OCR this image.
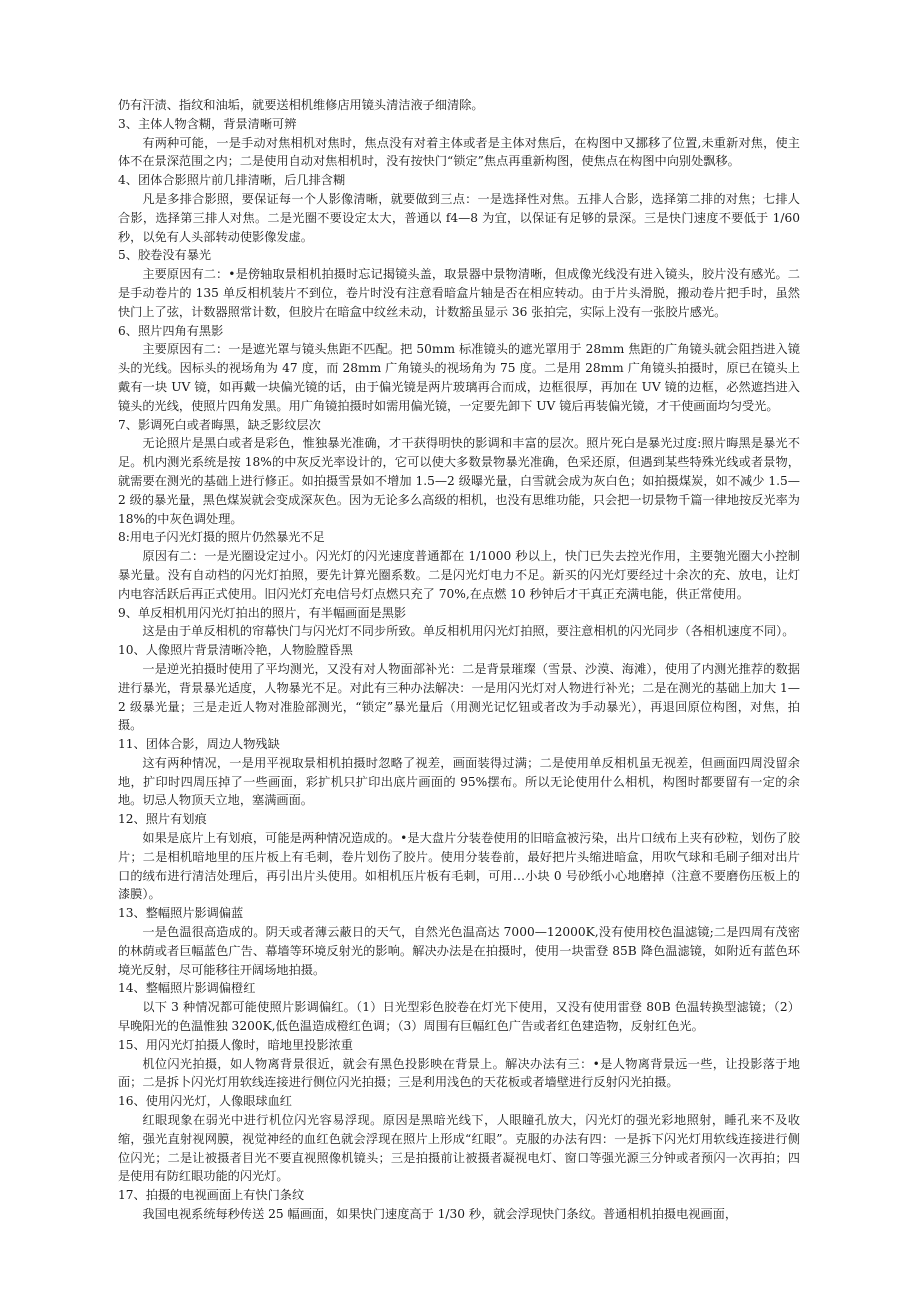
仍有汗渍、指纹和油垢，就要送相机维修店用镜头清洁液子细清除。

3、主体人物含糊，背景清晰可辨

有两种可能，一是手动对焦相机对焦时，焦点没有对着主体或者是主体对焦后，在构图中又挪移了位置,未重新对焦，使主体不在景深范围之内；二是使用自动对焦相机时，没有按快门“锁定”焦点再重新构图，使焦点在构图中向别处飘移。

4、团体合影照片前几排清晰，后几排含糊

凡是多排合影照，要保证每一个人影像清晰，就要做到三点：一是选择性对焦。五排人合影，选择第二排的对焦；七排人合影，选择第三排人对焦。二是光圈不要设定太大，普通以 f4—8 为宜，以保证有足够的景深。三是快门速度不要低于 1/60 秒，以免有人头部转动使影像发虚。

5、胶卷没有暴光

主要原因有二：•是傍轴取景相机拍摄时忘记揭镜头盖，取景器中景物清晰，但成像光线没有进入镜头，胶片没有感光。二是手动卷片的 135 单反相机装片不到位，卷片时没有注意看暗盒片轴是否在相应转动。由于片头滑脱，搬动卷片把手时，虽然快门上了弦，计数器照常计数，但胶片在暗盒中纹丝未动，计数豁虽显示 36 张拍完，实际上没有一张胶片感光。

6、照片四角有黑影

主要原因有二：一是遮光罩与镜头焦距不匹配。把 50mm 标准镜头的遮光罩用于 28mm 焦距的广角镜头就会阻挡进入镜头的光线。因标头的视场角为 47 度，而 28mm 广角镜头的视场角为 75 度。二是用 28mm 广角镜头拍摄时，原已在镜头上戴有一块 UV 镜，如再戴一块偏光镜的话，由于偏光镜是两片玻璃再合而成，边框很厚，再加在 UV 镜的边框，必然遮挡进入镜头的光线，使照片四角发黑。用广角镜拍摄时如需用偏光镜，一定要先卸下 UV 镜后再装偏光镜，才干使画面均匀受光。

7、影调死白或者晦黑，缺乏影纹层次

无论照片是黑白或者是彩色，惟独暴光准确，才干获得明快的影调和丰富的层次。照片死白是暴光过度:照片晦黑是暴光不足。机内测光系统是按 18%的中灰反光率设计的，它可以使大多数景物暴光准确，色采还原，但遇到某些特殊光线或者景物，就需要在测光的基础上进行修正。如拍摄雪景如不增加 1.5—2 级曝光量，白雪就会成为灰白色；如拍摄煤炭，如不减少 1.5—2 级的暴光量，黑色煤炭就会变成深灰色。因为无论多么高级的相机，也没有思维功能，只会把一切景物千篇一律地按反光率为 18%的中灰色调处理。

8:用电子闪光灯摄的照片仍然暴光不足

原因有二：一是光圈设定过小。闪光灯的闪光速度普通都在 1/1000 秒以上，快门已失去控光作用，主要匏光圈大小控制暴光量。没有自动档的闪光灯拍照，要先计算光圈系数。二是闪光灯电力不足。新买的闪光灯要经过十余次的充、放电，让灯内电容活跃后再正式使用。旧闪光灯充电信号灯点燃只充了 70%,在点燃 10 秒钟后才干真正充满电能，供正常使用。

9、单反相机用闪光灯拍出的照片，有半幅画面是黑影

这是由于单反相机的帘幕快门与闪光灯不同步所致。单反相机用闪光灯拍照，要注意相机的闪光同步（各相机速度不同）。

10、人像照片背景清晰冷艳，人物脸膛昏黑

一是逆光拍摄时使用了平均测光，又没有对人物面部补光：二是背景璀璨（雪景、沙漠、海滩），使用了内测光推荐的数据进行暴光，背景暴光适度，人物暴光不足。对此有三种办法解决：一是用闪光灯对人物进行补光；二是在测光的基础上加大 1—2 级暴光量；三是走近人物对准脸部测光，“锁定”暴光量后（用测光记忆钮或者改为手动暴光），再退回原位构图，对焦，拍摄。

11、团体合影，周边人物残缺

这有两种情况，一是用平视取景相机拍摄时忽略了视差，画面装得过满；二是使用单反相机虽无视差，但画面四周没留余地，扩印时四周压掉了一些画面，彩扩机只扩印出底片画面的 95%摆布。所以无论使用什么相机，构图时都要留有一定的余地。切忌人物顶天立地，塞满画面。

12、照片有划痕

如果是底片上有划痕，可能是两种情况造成的。•是大盘片分装卷使用的旧暗盒被污染，出片口绒布上夹有砂粒，划伤了胶片；二是相机暗地里的压片板上有毛刺，卷片划伤了胶片。使用分装卷前，最好把片头缩进暗盒，用吹气球和毛刷子细对出片口的绒布进行清洁处理后，再引出片头使用。如相机压片板有毛刺，可用…小块 0 号砂纸小心地磨掉（注意不要磨伤压板上的漆膜）。

13、整幅照片影调偏蓝

一是色温很高造成的。阴天或者薄云蔽日的天气，自然光色温高达 7000—12000K,没有使用校色温滤镜;二是四周有茂密的林荫或者巨幅蓝色广告、幕墙等环境反射光的影响。解决办法是在拍摄时，使用一块雷登 85B 降色温滤镜，如附近有蓝色环境光反射，尽可能移往开阔场地拍摄。

14、整幅照片影调偏橙红

以下 3 种情况都可能使照片影调偏红。（1）日光型彩色胶卷在灯光下使用，又没有使用雷登 80B 色温转换型滤镜；（2）早晚阳光的色温惟独 3200K,低色温造成橙红色调；（3）周围有巨幅红色广告或者红色建造物，反射红色光。

15、用闪光灯拍摄人像时，暗地里投影浓重

机位闪光拍摄，如人物离背景很近，就会有黑色投影映在背景上。解决办法有三：•是人物离背景远一些，让投影落于地面；二是拆卜闪光灯用软线连接进行侧位闪光拍摄；三是利用浅色的天花板或者墙壁进行反射闪光拍摄。

16、使用闪光灯，人像眼球血红

红眼现象在弱光中进行机位闪光容易浮现。原因是黑暗光线下，人眼瞳孔放大，闪光灯的强光彩地照射，睡孔来不及收缩，强光直射视网膜，视觉神经的血红色就会浮现在照片上形成“红眼”。克服的办法有四：一是拆下闪光灯用软线连接进行侧位闪光；二是让被摄者目光不要直视照像机镜头；三是拍摄前让被摄者凝视电灯、窗口等强光源三分钟或者预闪一次再拍；四是使用有防红眼功能的闪光灯。

17、拍摄的电视画面上有快门条纹

我国电视系统每秒传送 25 幅画面，如果快门速度高于 1/30 秒，就会浮现快门条纹。普通相机拍摄电视画面，
